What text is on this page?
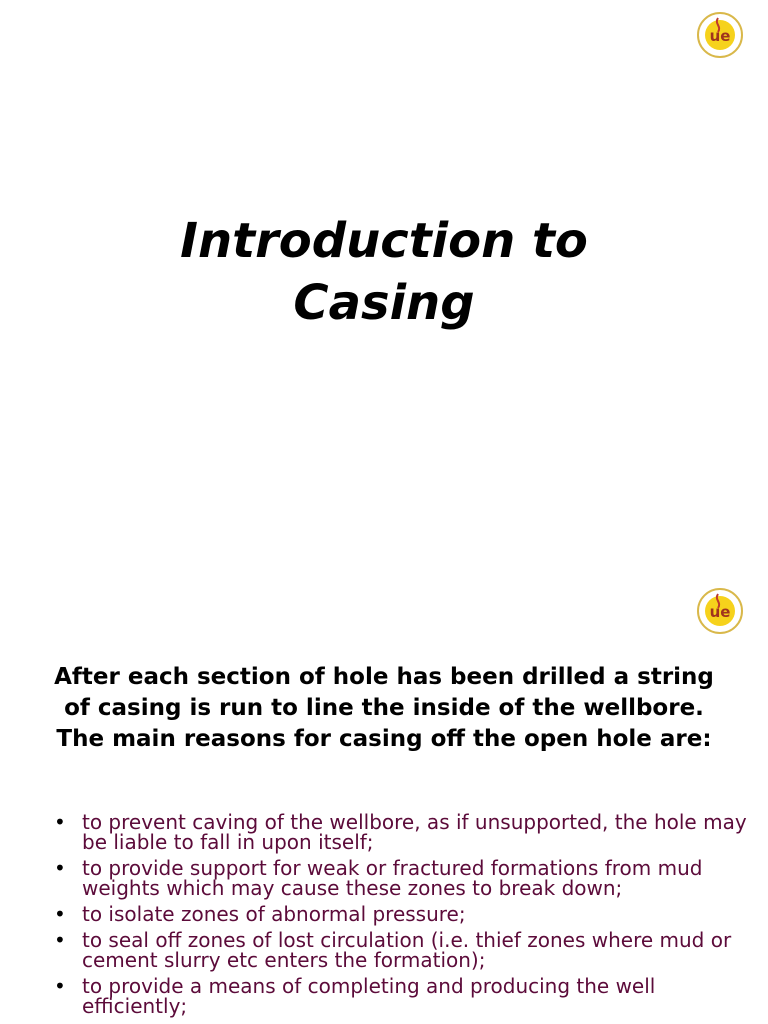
ue
Introduction to
Casing
ue
After each section of hole has been drilled a string of casing is run to line the inside of the wellbore. The main reasons for casing off the open hole are:
• to prevent caving of the wellbore, as if unsupported, the hole may be liable to fall in upon itself;
• to provide support for weak or fractured formations from mud weights which may cause these zones to break down;
• to isolate zones of abnormal pressure;
• to seal off zones of lost circulation (i.e. thief zones where mud or cement slurry etc enters the formation);
• to provide a means of completing and producing the well efficiently;
